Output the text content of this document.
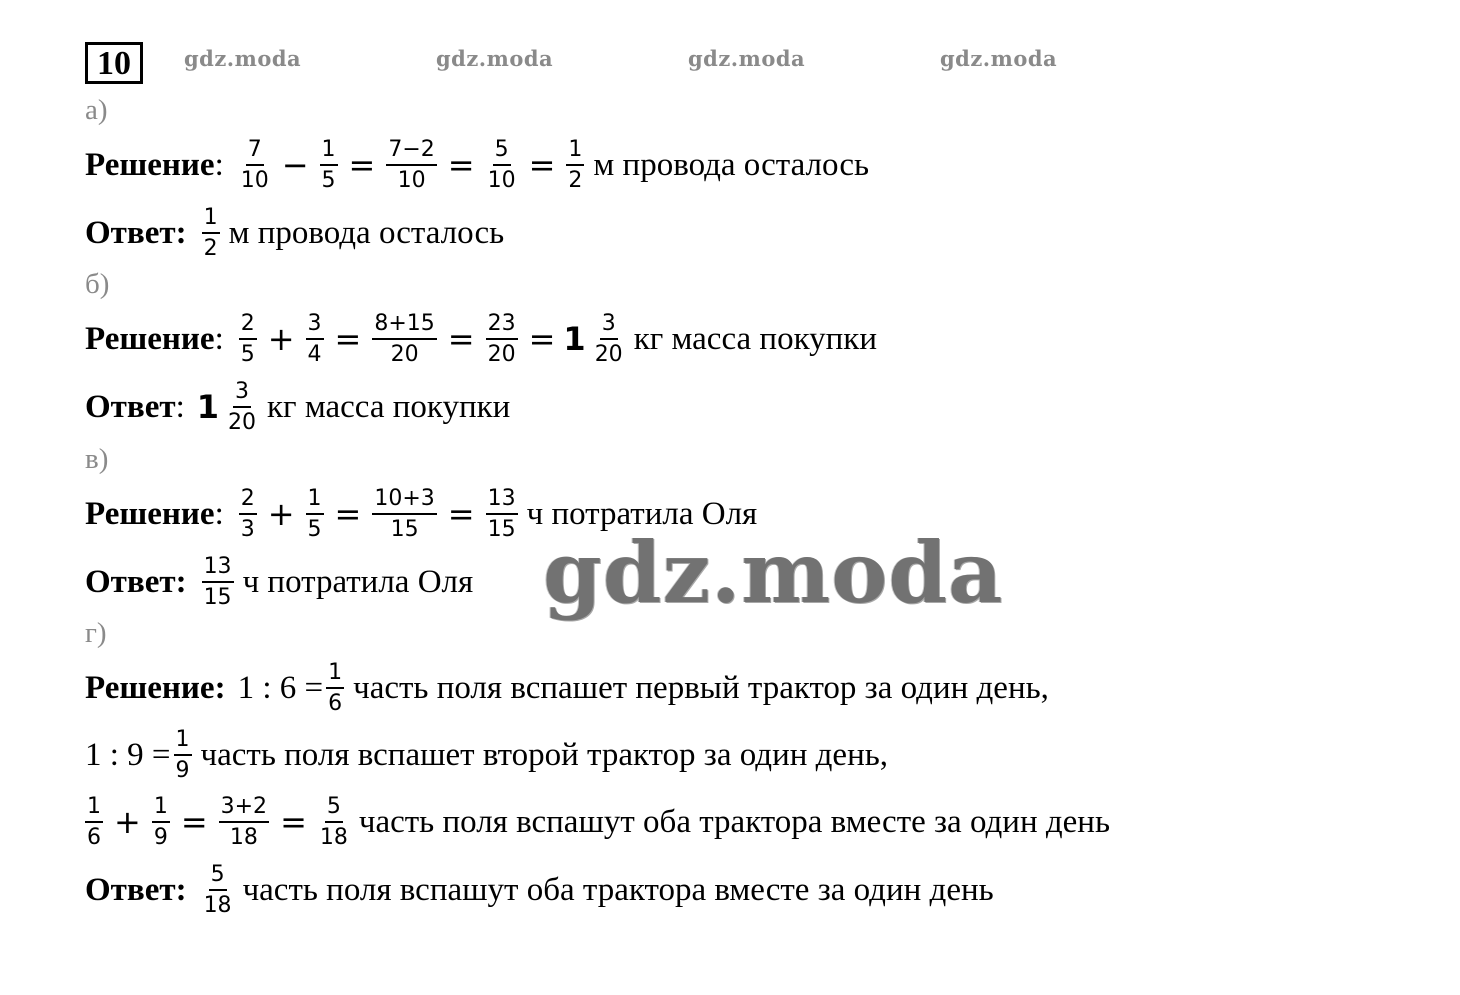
10	gdz.moda	gdz.moda	gdz.moda	gdz.moda
а)
Решение : $\frac{7}{10} - \frac{1}{5} = \frac{7-2}{10} = \frac{5}{10} = \frac{1}{2}$ м провода осталось
Ответ : $\frac{1}{2}$ м провода осталось
б)
Решение : $\frac{2}{5} + \frac{3}{4} = \frac{8+15}{20} = \frac{23}{20} = 1 \frac{3}{20}$ кг масса покупки
Ответ : $1 \frac{3}{20}$ кг масса покупки
в)
Решение : $\frac{2}{3} + \frac{1}{5} = \frac{10+3}{15} = \frac{13}{15}$ ч потратила Оля
Ответ : $\frac{13}{15}$ ч потратила Оля
г)
Решение : 1 : $6 = \frac{1}{6}$ часть поля вспашет первый трактор за один день,
1 : $9 = \frac{1}{9}$ часть поля вспашет второй трактор за один день,
$\frac{1}{6} + \frac{1}{9} = \frac{3+2}{18} = \frac{5}{18}$ часть поля вспашут оба трактора вместе за один день
Ответ : $\frac{5}{18}$ часть поля вспашут оба трактора вместе за один день
gdz.moda
